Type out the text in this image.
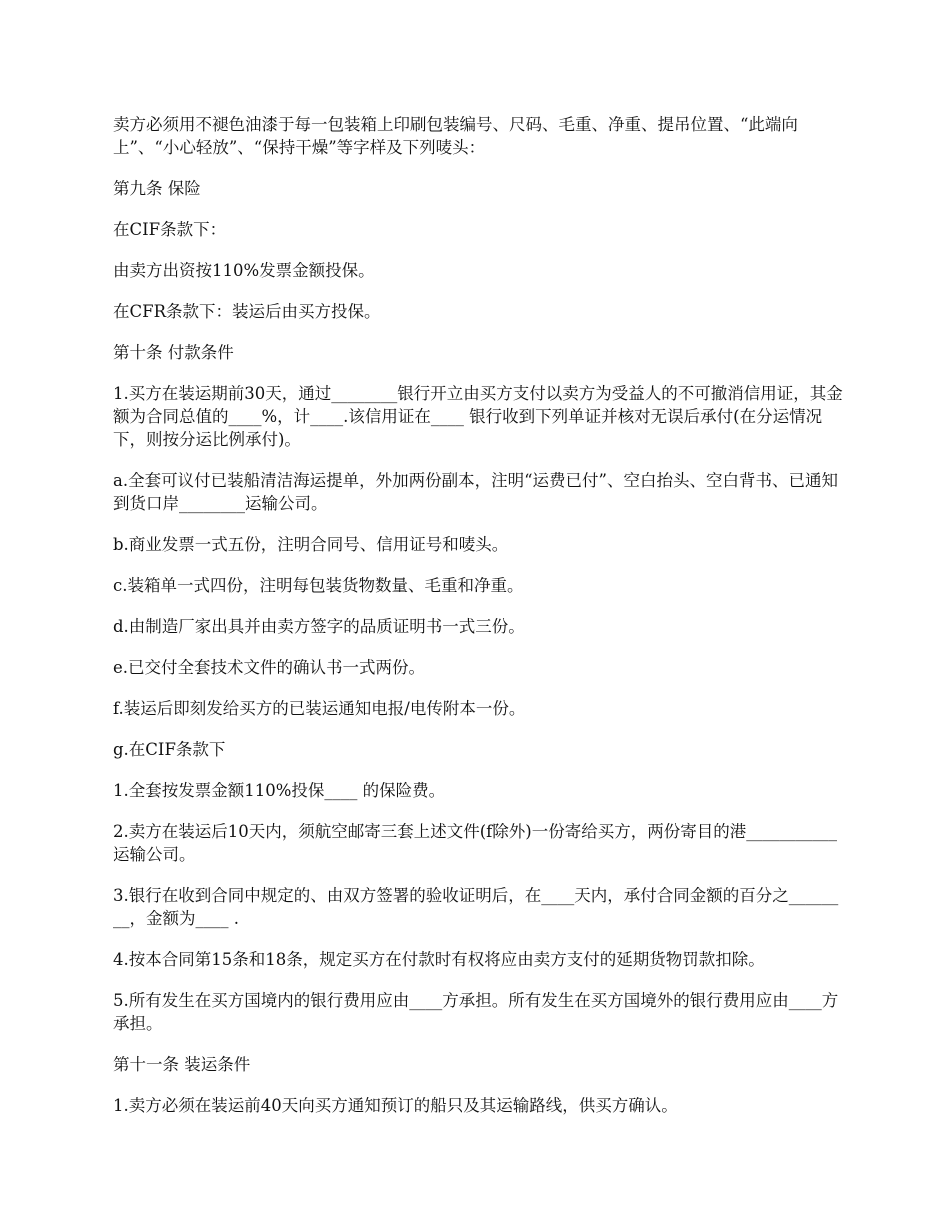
卖方必须用不褪色油漆于每一包装箱上印刷包装编号、尺码、毛重、净重、提吊位置、“此端向上”、“小心轻放”、“保持干燥”等字样及下列唛头：

第九条 保险

在CIF条款下：

由卖方出资按110%发票金额投保。

在CFR条款下：装运后由买方投保。

第十条 付款条件

1.买方在装运期前30天，通过________银行开立由买方支付以卖方为受益人的不可撤消信用证，其金额为合同总值的____%，计____.该信用证在____ 银行收到下列单证并核对无误后承付(在分运情况下，则按分运比例承付)。

a.全套可议付已装船清洁海运提单，外加两份副本，注明“运费已付”、空白抬头、空白背书、已通知到货口岸________运输公司。

b.商业发票一式五份，注明合同号、信用证号和唛头。

c.装箱单一式四份，注明每包装货物数量、毛重和净重。

d.由制造厂家出具并由卖方签字的品质证明书一式三份。

e.已交付全套技术文件的确认书一式两份。

f.装运后即刻发给买方的已装运通知电报/电传附本一份。

g.在CIF条款下

1.全套按发票金额110%投保____ 的保险费。

2.卖方在装运后10天内，须航空邮寄三套上述文件(f除外)一份寄给买方，两份寄目的港___________运输公司。

3.银行在收到合同中规定的、由双方签署的验收证明后，在____天内，承付合同金额的百分之________，金额为____ .

4.按本合同第15条和18条，规定买方在付款时有权将应由卖方支付的延期货物罚款扣除。

5.所有发生在买方国境内的银行费用应由____方承担。所有发生在买方国境外的银行费用应由____方承担。

第十一条 装运条件

1.卖方必须在装运前40天向买方通知预订的船只及其运输路线，供买方确认。
